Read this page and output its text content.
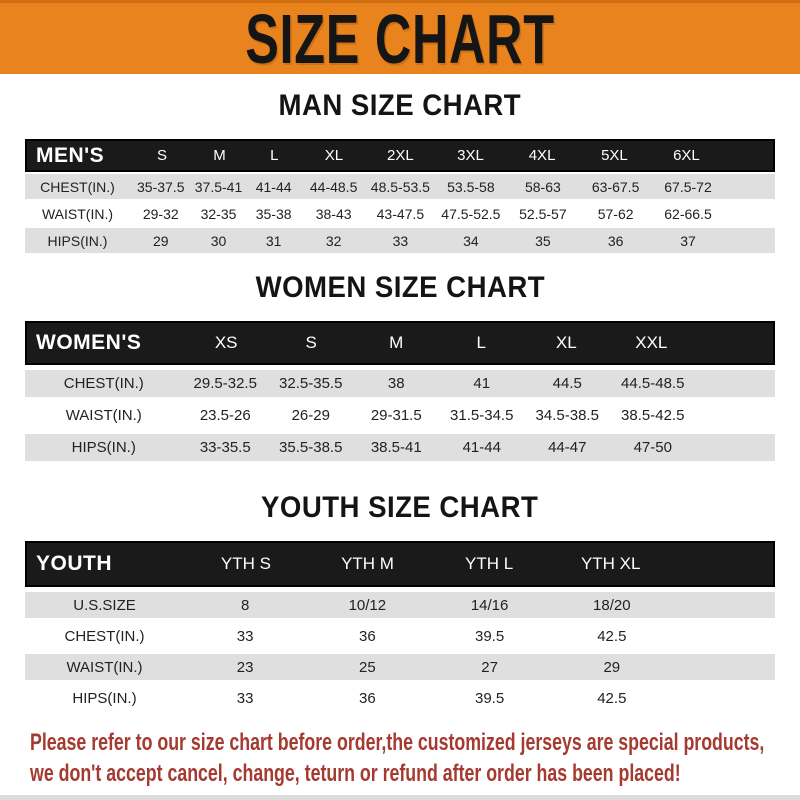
SIZE CHART
MAN SIZE CHART
MEN'S	S	M	L	XL	2XL	3XL	4XL	5XL	6XL
CHEST(IN.)	35-37.5 37.5-41 41-44	44-48.5 48.5-53.5	53.5-58	58-63	63-67.5	67.5-72
WAIST(IN.)	29-32	32-35	35-38	38-43	43-47.5	47.5-52.5	52.5-57	57-62	62-66.5
HIPS(IN.)	29	30	31	32	33	34	35	36	37
WOMEN SIZE CHART
WOMEN'S	XS	S	M	L	XL	XXL
CHEST(IN.)	29.5-32.5	32.5-35.5	38	41	44.5	44.5-48.5
WAIST(IN.)	23.5-26	26-29	29-31.5	31.5-34.5	34.5-38.5	38.5-42.5
HIPS(IN.)	33-35.5	35.5-38.5	38.5-41	41-44	44-47	47-50
YOUTH SIZE CHART
YOUTH	YTH S	YTH M	YTH L	YTH XL
U.S.SIZE	8	10/12	14/16	18/20
CHEST(IN.)	33	36	39.5	42.5
WAIST(IN.)	23	25	27	29
HIPS(IN.)	33	36	39.5	42.5

Please refer to our size chart before order,the customized jerseys are special products,

we don't accept cancel, change, teturn or refund after order has been placed!
